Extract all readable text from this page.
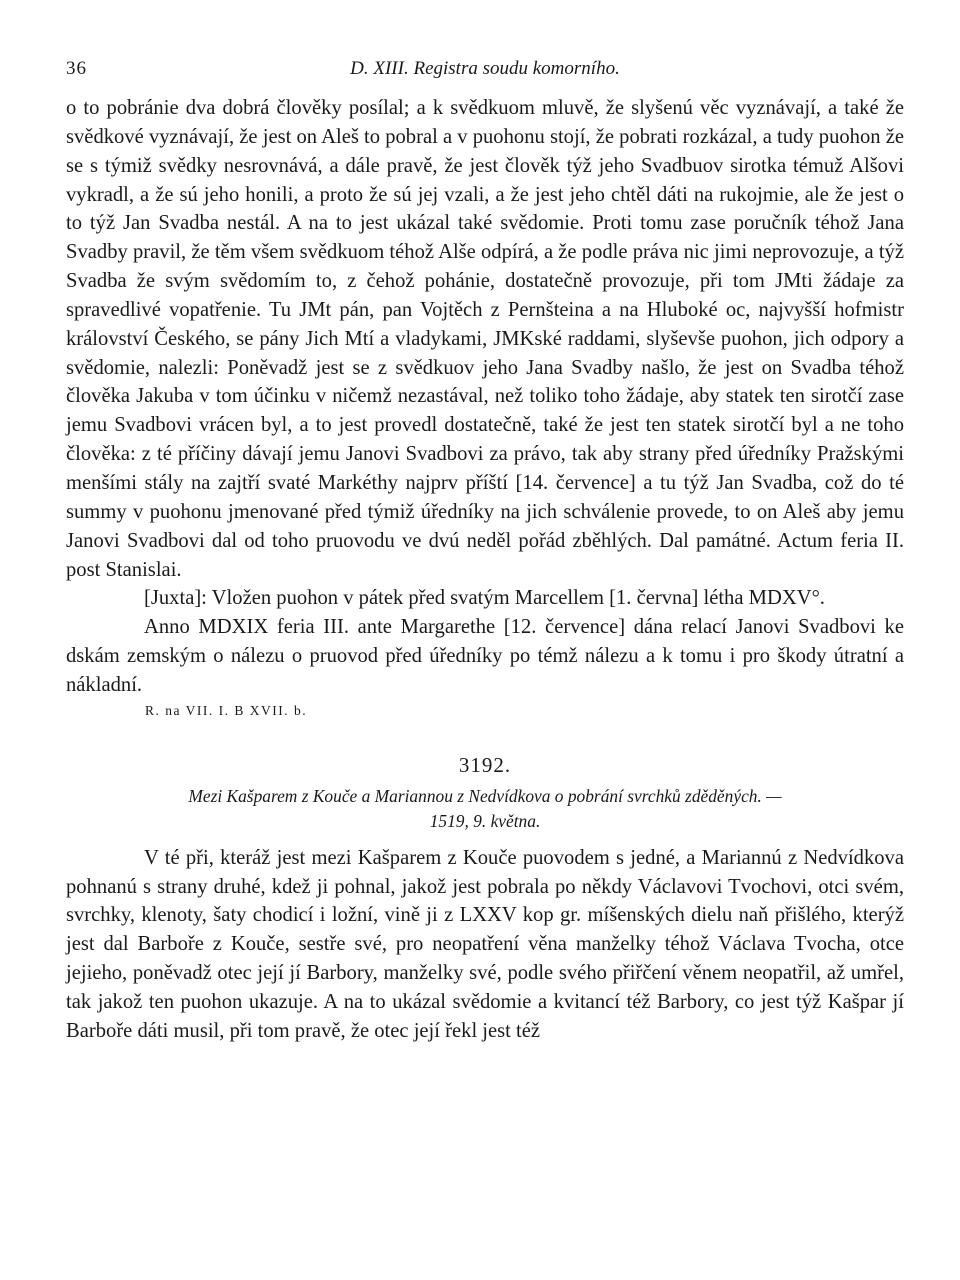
36	D. XIII. Registra soudu komorního.

o to pobránie dva dobrá člověky posílal; a k svědkuom mluvě, že slyšenú věc vyznávají, a také že svědkové vyznávají, že jest on Aleš to pobral a v puohonu stojí, že pobrati rozkázal, a tudy puohon že se s týmiž svědky nesrovnává, a dále pravě, že jest člověk týž jeho Svadbuov sirotka témuž Alšovi vykradl, a že sú jeho honili, a proto že sú jej vzali, a že jest jeho chtěl dáti na rukojmie, ale že jest o to týž Jan Svadba nestál. A na to jest ukázal také svědomie. Proti tomu zase poručník téhož Jana Svadby pravil, že těm všem svědkuom téhož Alše odpírá, a že podle práva nic jimi neprovozuje, a týž Svadba že svým svědomím to, z čehož pohánie, dostatečně provozuje, při tom JMti žádaje za spravedlivé vopatřenie. Tu JMt pán, pan Vojtěch z Pernšteina a na Hluboké oc, najvyšší hofmistr království Českého, se pány Jich Mtí a vladykami, JMKské raddami, slyševše puohon, jich odpory a svědomie, nalezli: Poněvadž jest se z svědkuov jeho Jana Svadby našlo, že jest on Svadba téhož člověka Jakuba v tom účinku v ničemž nezastával, než toliko toho žádaje, aby statek ten sirotčí zase jemu Svadbovi vrácen byl, a to jest provedl dostatečně, také že jest ten statek sirotčí byl a ne toho člověka: z té příčiny dávají jemu Janovi Svadbovi za právo, tak aby strany před úředníky Pražskými menšími stály na zajtří svaté Markéthy najprv příští [14. července] a tu týž Jan Svadba, což do té summy v puohonu jmenované před týmiž úředníky na jich schválenie provede, to on Aleš aby jemu Janovi Svadbovi dal od toho pruovodu ve dvú neděl pořád zběhlých. Dal památné. Actum feria II. post Stanislai.

[Juxta]: Vložen puohon v pátek před svatým Marcellem [1. června] létha MDXV°.

Anno MDXIX feria III. ante Margarethe [12. července] dána relací Janovi Svadbovi ke dskám zemským o nálezu o pruovod před úředníky po témž nálezu a k tomu i pro škody útratní a nákladní.

R. na VII. I. B XVII. b.
3192.
Mezi Kašparem z Kouče a Mariannou z Nedvídkova o pobrání svrchků zděděných. —
1519, 9. května.

V té při, kteráž jest mezi Kašparem z Kouče puovodem s jedné, a Mariannú z Nedvídkova pohnanú s strany druhé, kdež ji pohnal, jakož jest pobrala po někdy Václavovi Tvochovi, otci svém, svrchky, klenoty, šaty chodicí i ložní, vině ji z LXXV kop gr. míšenských dielu naň přišlého, kterýž jest dal Barboře z Kouče, sestře své, pro neopatření věna manželky téhož Václava Tvocha, otce jejieho, poněvadž otec její jí Barbory, manželky své, podle svého přiřčení věnem neopatřil, až umřel, tak jakož ten puohon ukazuje. A na to ukázal svědomie a kvitancí též Barbory, co jest týž Kašpar jí Barboře dáti musil, při tom pravě, že otec její řekl jest též
